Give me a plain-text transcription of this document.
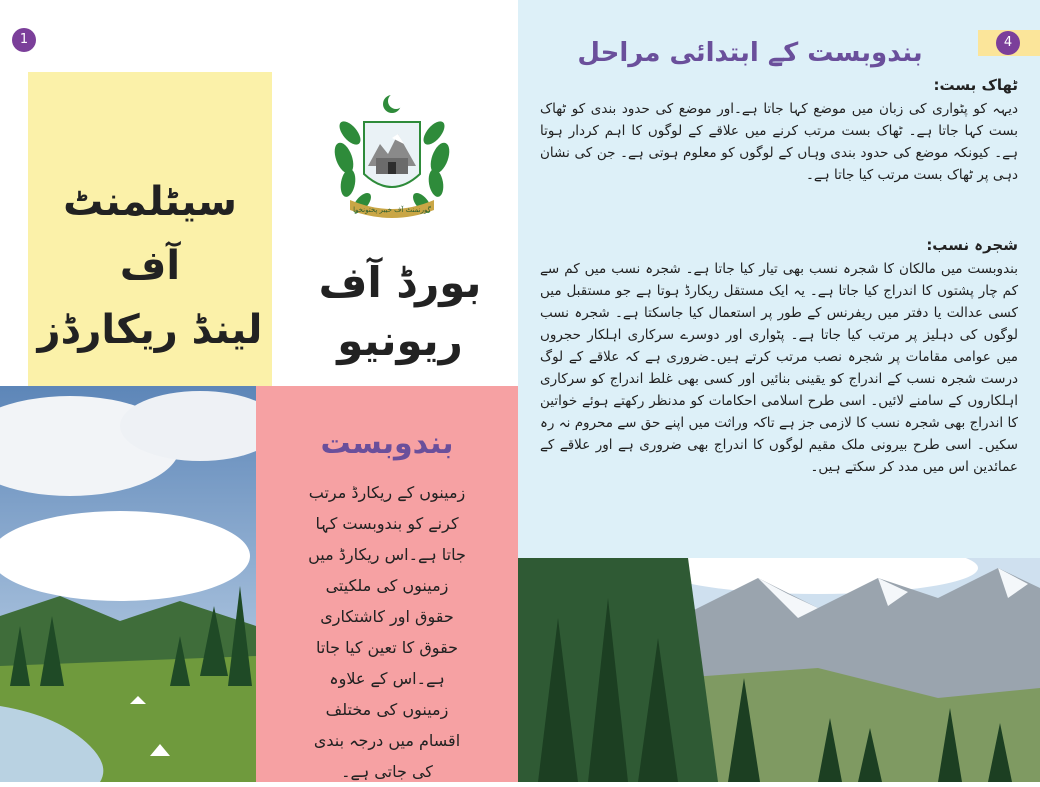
1
سیٹلمنٹ آف
لینڈ ریکارڈز
گورنمنٹ آف خیبر پختونخوا
بورڈ آف
ریونیو
بندوبست
زمینوں کے ریکارڈ مرتب کرنے کو بندوبست کہا جاتا ہے۔اس ریکارڈ میں زمینوں کی ملکیتی حقوق اور کاشتکاری حقوق کا تعین کیا جاتا ہے۔اس کے علاوہ زمینوں کی مختلف اقسام میں درجہ بندی کی جاتی ہے۔
4
بندوبست کے ابتدائی مراحل
ٹھاک بست:
دیہہ کو پٹواری کی زبان میں موضع کہا جاتا ہے۔اور موضع کی حدود بندی کو ٹھاک بست کہا جاتا ہے۔ ٹھاک بست مرتب کرنے میں علاقے کے لوگوں کا اہم کردار ہوتا ہے۔ کیونکہ موضع کی حدود بندی وہاں کے لوگوں کو معلوم ہوتی ہے۔ جن کی نشان دہی پر ٹھاک بست مرتب کیا جاتا ہے۔
شجرہ نسب:
بندوبست میں مالکان کا شجرہ نسب بھی تیار کیا جاتا ہے۔ شجرہ نسب میں کم سے کم چار پشتوں کا اندراج کیا جاتا ہے۔ یہ ایک مستقل ریکارڈ ہوتا ہے جو مستقبل میں کسی عدالت یا دفتر میں ریفرنس کے طور پر استعمال کیا جاسکتا ہے۔ شجرہ نسب لوگوں کی دہلیز پر مرتب کیا جاتا ہے۔ پٹواری اور دوسرے سرکاری اہلکار حجروں میں عوامی مقامات پر شجرہ نصب مرتب کرتے ہیں۔ضروری ہے کہ علاقے کے لوگ درست شجرہ نسب کے اندراج کو یقینی بنائیں اور کسی بھی غلط اندراج کو سرکاری اہلکاروں کے سامنے لائیں۔ اسی طرح اسلامی احکامات کو مدنظر رکھتے ہوئے خواتین کا اندراج بھی شجرہ نسب کا لازمی جز ہے تاکہ وراثت میں اپنے حق سے محروم نہ رہ سکیں۔ اسی طرح بیرونی ملک مقیم لوگوں کا اندراج بھی ضروری ہے اور علاقے کے عمائدین اس میں مدد کر سکتے ہیں۔
